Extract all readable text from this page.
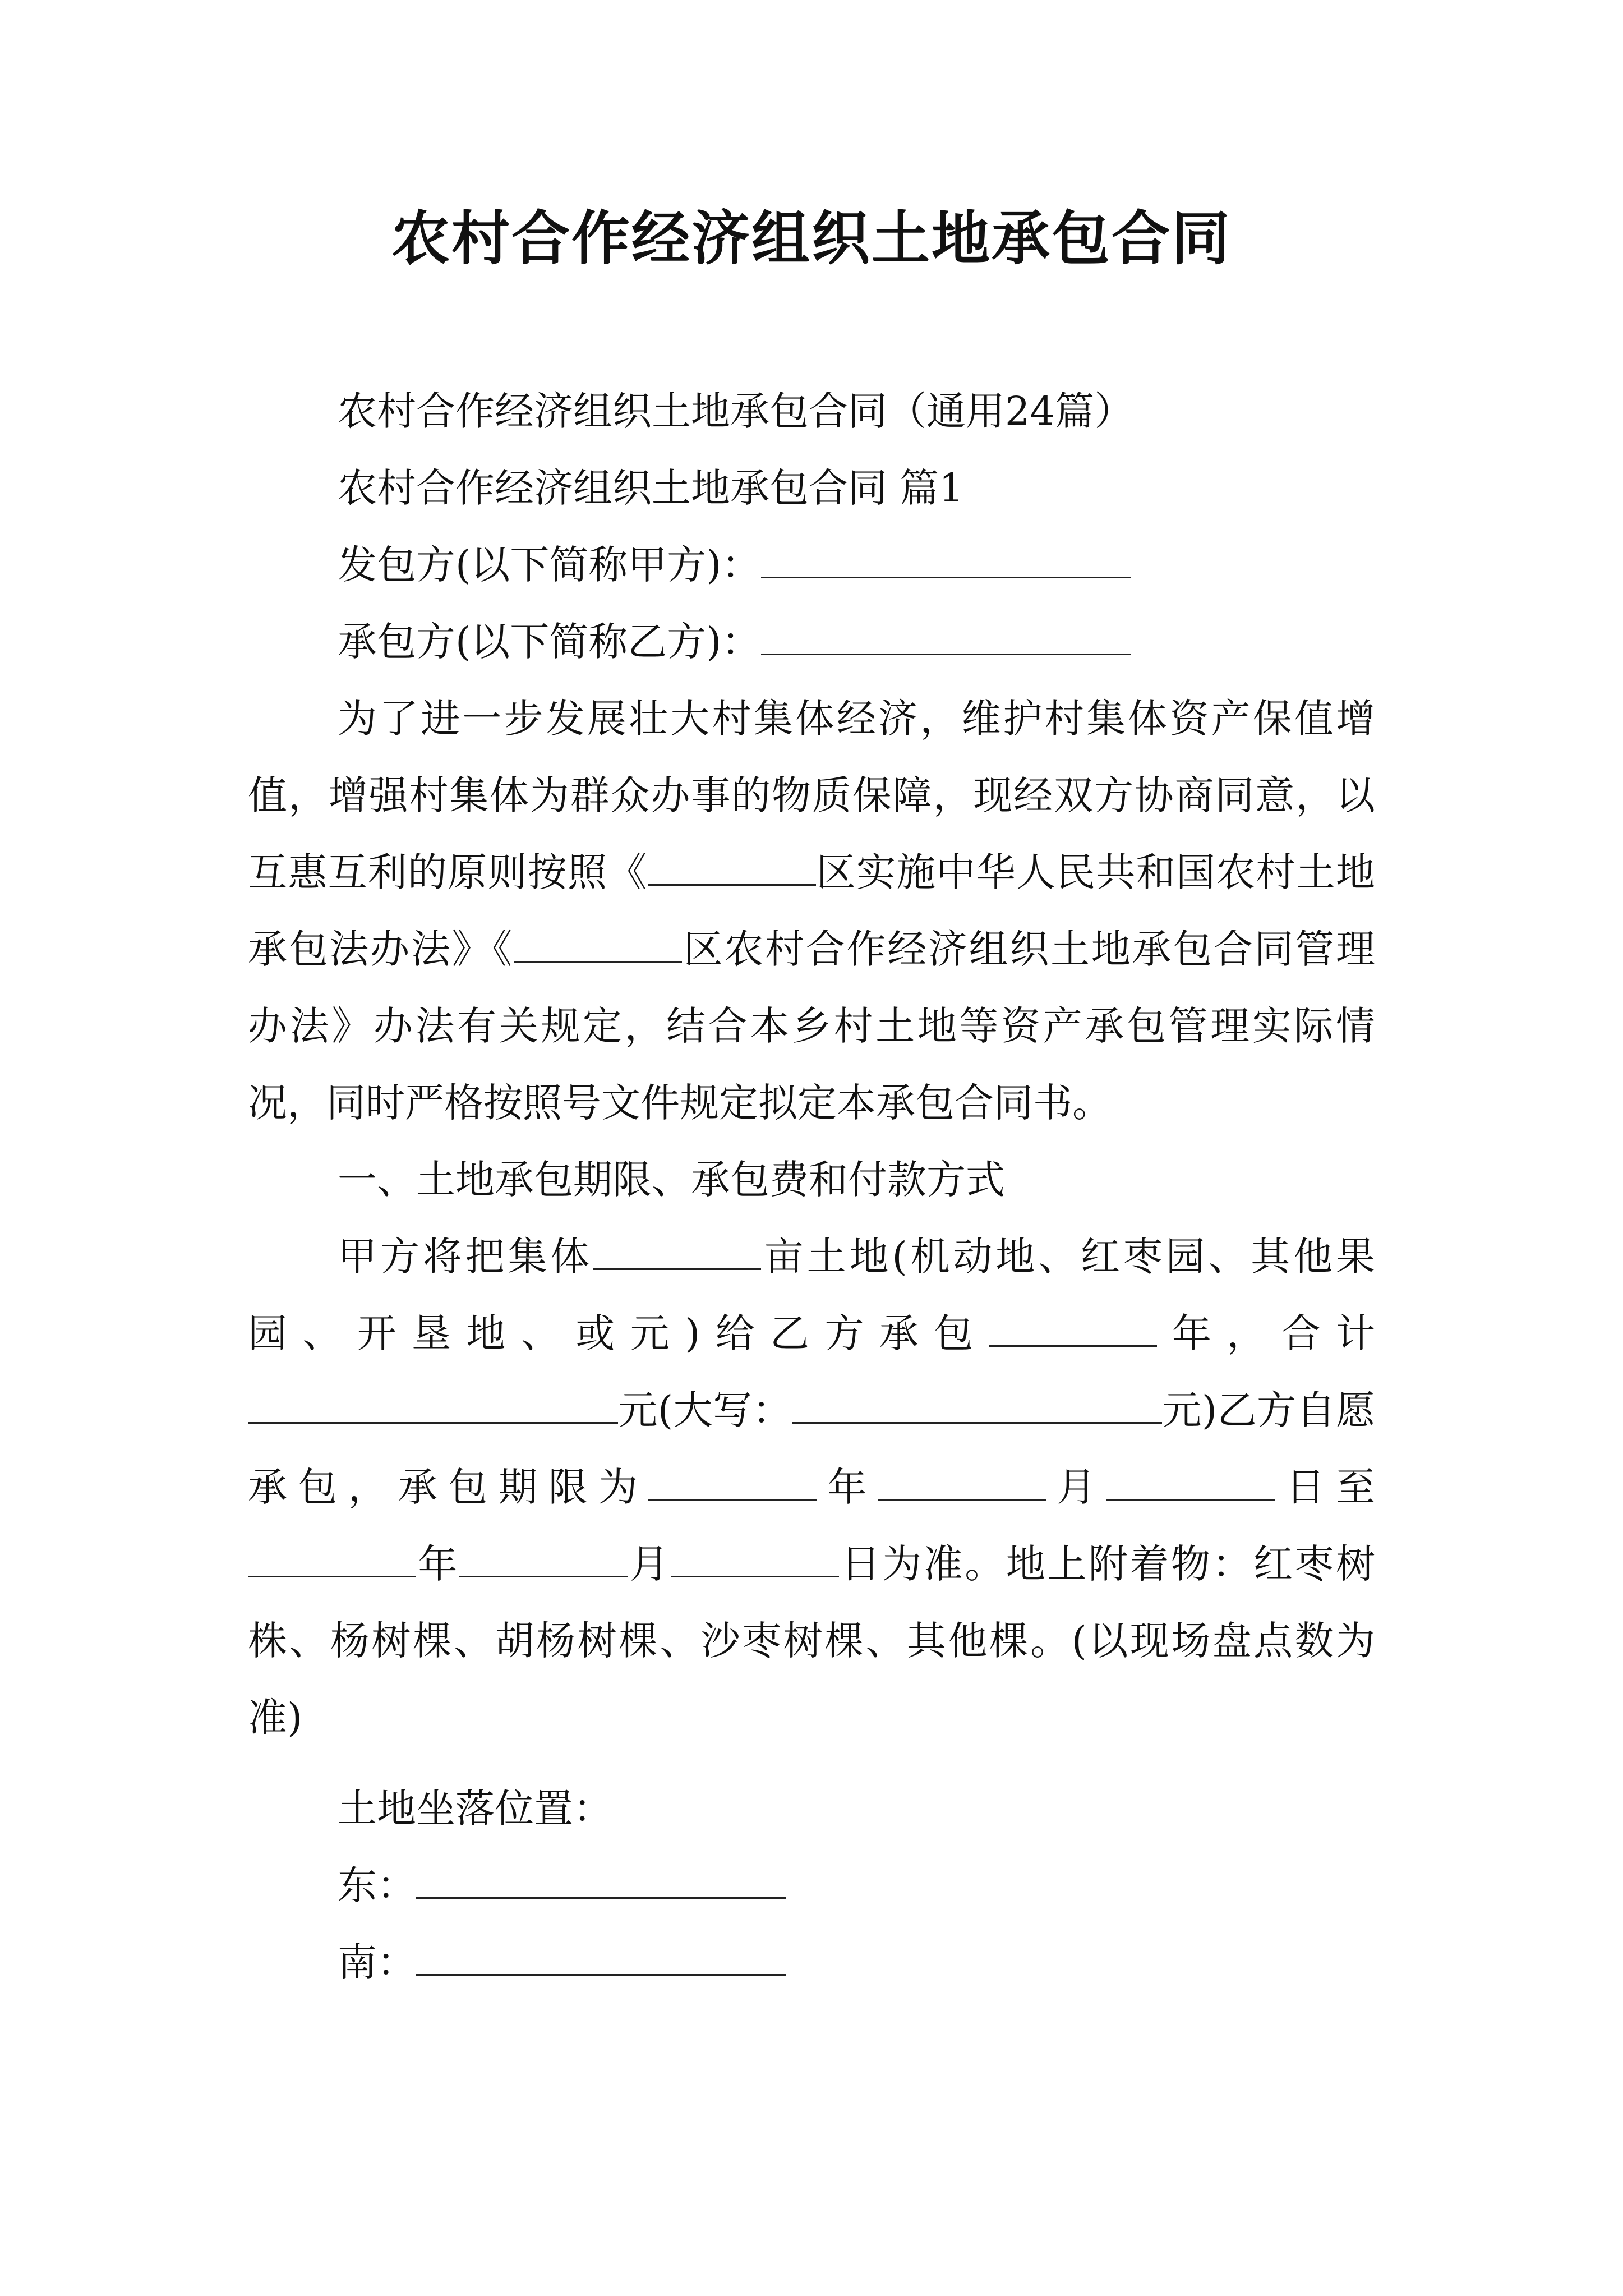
农村合作经济组织土地承包合同

农村合作经济组织土地承包合同（通用24篇）

农村合作经济组织土地承包合同 篇1

发包方(以下简称甲方)：

承包方(以下简称乙方)：

为了进一步发展壮大村集体经济，维护村集体资产保值增值，增强村集体为群众办事的物质保障，现经双方协商同意，以互惠互利的原则按照《	区实施中华人民共和国农村土地承包法办法》《	区农村合作经济组织土地承包合同管理办法》办法有关规定，结合本乡村土地等资产承包管理实际情况，同时严格按照号文件规定拟定本承包合同书。

一、土地承包期限、承包费和付款方式

甲方将把集体	亩土地(机动地、红枣园、其他果园、开垦地、或元)给乙方承包	年，合计元(大写：	元)乙方自愿承包，承包期限为	年	月	日至年	月	日为准。地上附着物：红枣树株、杨树棵、胡杨树棵、沙枣树棵、其他棵。(以现场盘点数为准)

土地坐落位置：

东：

南：
